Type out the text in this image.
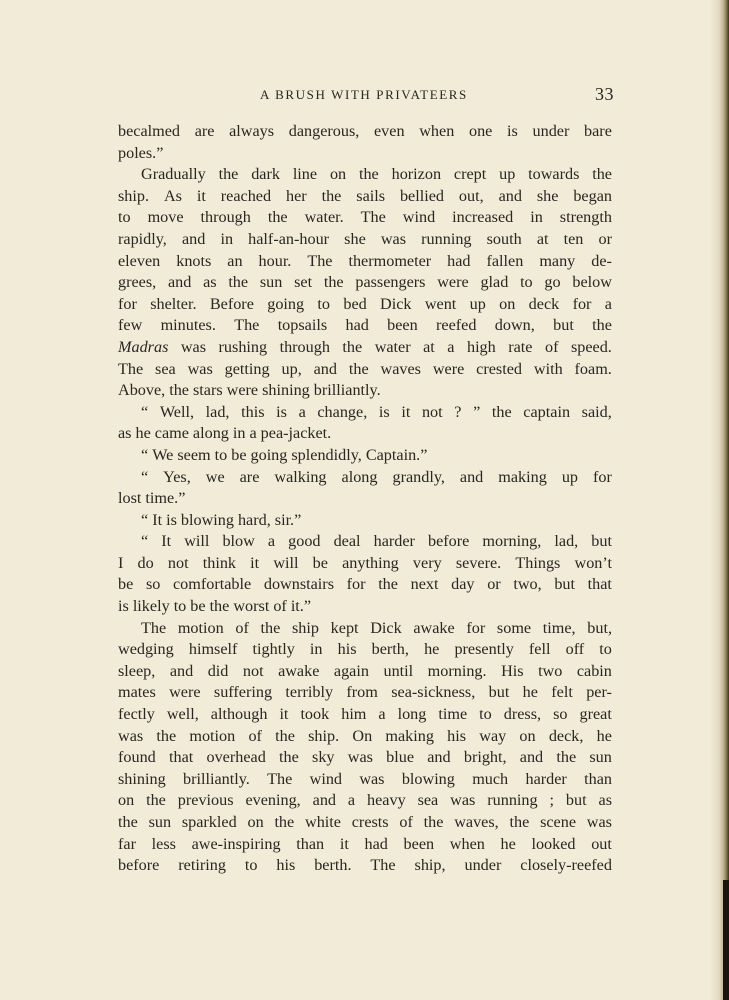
A BRUSH WITH PRIVATEERS	33
becalmed are always dangerous, even when one is under bare
poles.”
Gradually the dark line on the horizon crept up towards the
ship. As it reached her the sails bellied out, and she began
to move through the water. The wind increased in strength
rapidly, and in half-an-hour she was running south at ten or
eleven knots an hour. The thermometer had fallen many de-
grees, and as the sun set the passengers were glad to go below
for shelter. Before going to bed Dick went up on deck for a
few minutes. The topsails had been reefed down, but the
Madras was rushing through the water at a high rate of speed.
The sea was getting up, and the waves were crested with foam.
Above, the stars were shining brilliantly.
“ Well, lad, this is a change, is it not ? ” the captain said,
as he came along in a pea-jacket.
“ We seem to be going splendidly, Captain.”
“ Yes, we are walking along grandly, and making up for
lost time.”
“ It is blowing hard, sir.”
“ It will blow a good deal harder before morning, lad, but
I do not think it will be anything very severe. Things won’t
be so comfortable downstairs for the next day or two, but that
is likely to be the worst of it.”
The motion of the ship kept Dick awake for some time, but,
wedging himself tightly in his berth, he presently fell off to
sleep, and did not awake again until morning. His two cabin
mates were suffering terribly from sea-sickness, but he felt per-
fectly well, although it took him a long time to dress, so great
was the motion of the ship. On making his way on deck, he
found that overhead the sky was blue and bright, and the sun
shining brilliantly. The wind was blowing much harder than
on the previous evening, and a heavy sea was running ; but as
the sun sparkled on the white crests of the waves, the scene was
far less awe-inspiring than it had been when he looked out
before retiring to his berth. The ship, under closely-reefed
